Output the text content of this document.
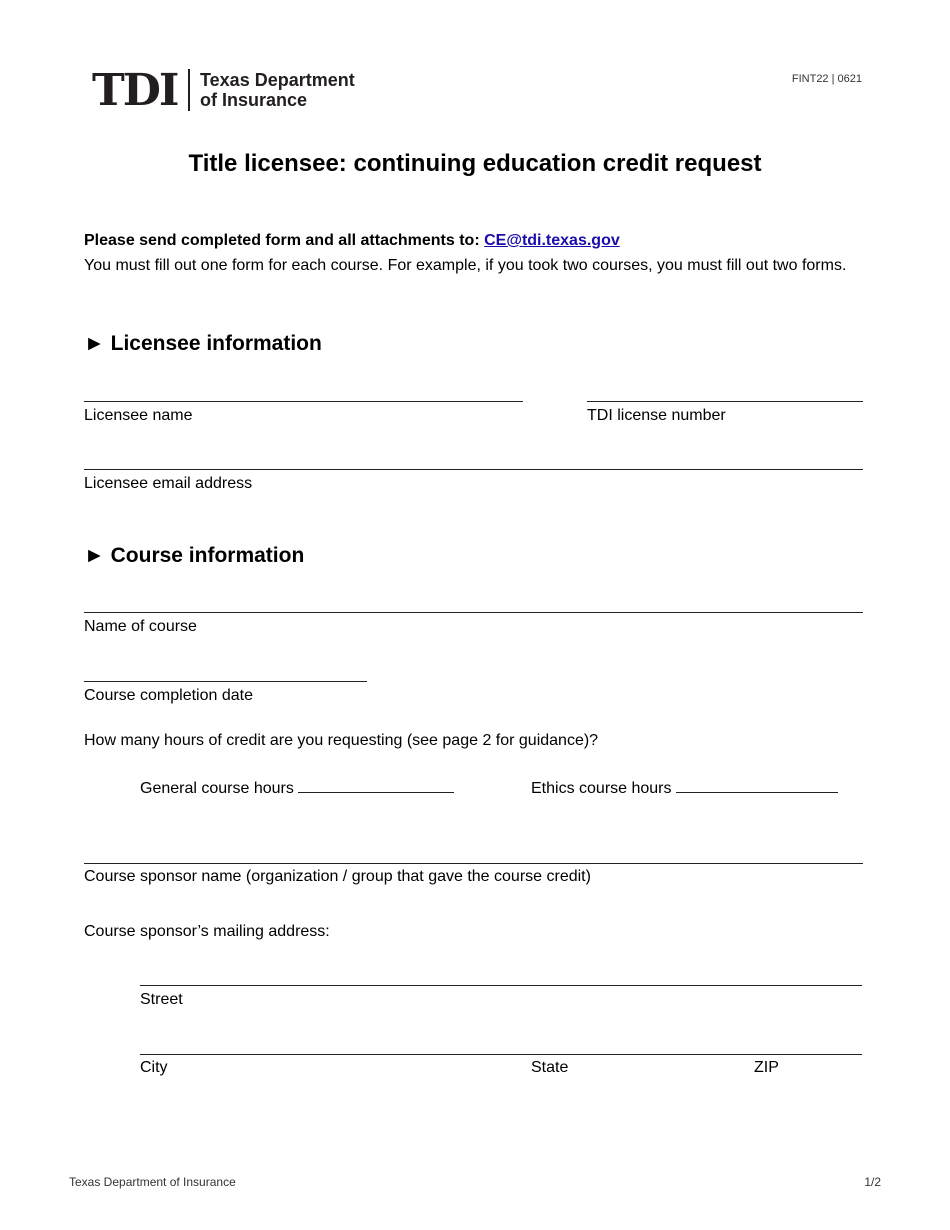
TDI Texas Department
of Insurance
FINT22 | 0621
Title licensee: continuing education credit request
Please send completed form and all attachments to: CE@tdi.texas.gov
You must fill out one form for each course. For example, if you took two courses, you must fill out two forms.
► Licensee information
Licensee name	TDI license number
Licensee email address
► Course information
Name of course
Course completion date
How many hours of credit are you requesting (see page 2 for guidance)?
General course hours	Ethics course hours
Course sponsor name (organization / group that gave the course credit)
Course sponsor’s mailing address:
Street
City	State	ZIP
Texas Department of Insurance	1/2
